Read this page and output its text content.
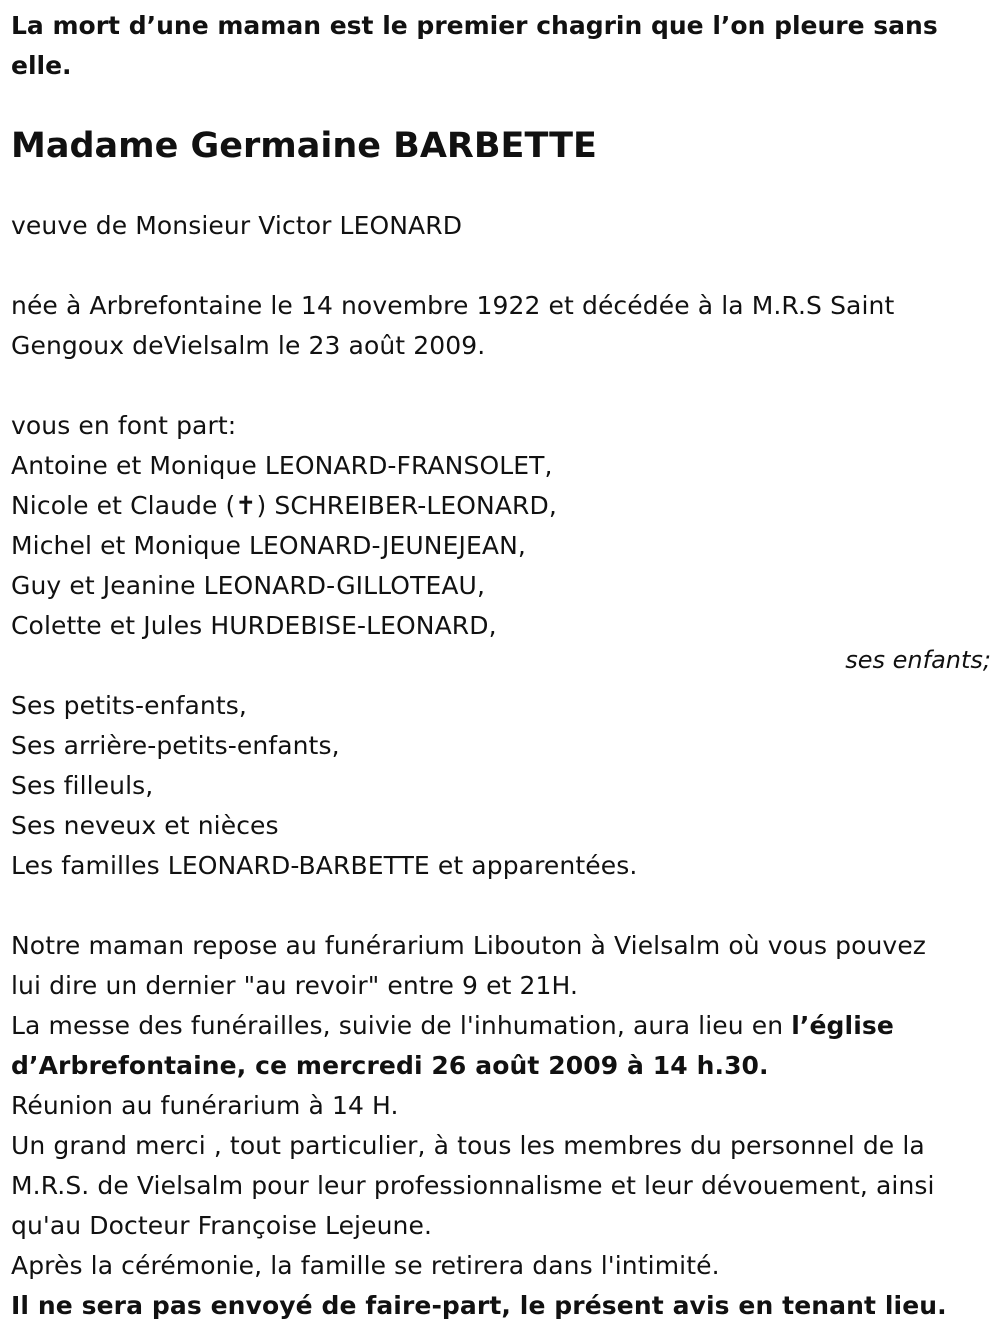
La mort d’une maman est le premier chagrin que l’on pleure sans elle.
Madame Germaine BARBETTE
veuve de Monsieur Victor LEONARD
née à Arbrefontaine le 14 novembre 1922 et décédée à la M.R.S Saint
Gengoux deVielsalm le 23 août 2009.
vous en font part:
Antoine et Monique LEONARD-FRANSOLET,
Nicole et Claude (✝) SCHREIBER-LEONARD,
Michel et Monique LEONARD-JEUNEJEAN,
Guy et Jeanine LEONARD-GILLOTEAU,
Colette et Jules HURDEBISE-LEONARD,
ses enfants;
Ses petits-enfants,
Ses arrière-petits-enfants,
Ses filleuls,
Ses neveux et nièces
Les familles LEONARD-BARBETTE et apparentées.
Notre maman repose au funérarium Libouton à Vielsalm où vous pouvez
lui dire un dernier "au revoir" entre 9 et 21H.
La messe des funérailles, suivie de l'inhumation, aura lieu en l’église
d’Arbrefontaine, ce mercredi 26 août 2009 à 14 h.30.
Réunion au funérarium à 14 H.
Un grand merci , tout particulier, à tous les membres du personnel de la
M.R.S. de Vielsalm pour leur professionnalisme et leur dévouement, ainsi
qu'au Docteur Françoise Lejeune.
Après la cérémonie, la famille se retirera dans l'intimité.
Il ne sera pas envoyé de faire-part, le présent avis en tenant lieu.
